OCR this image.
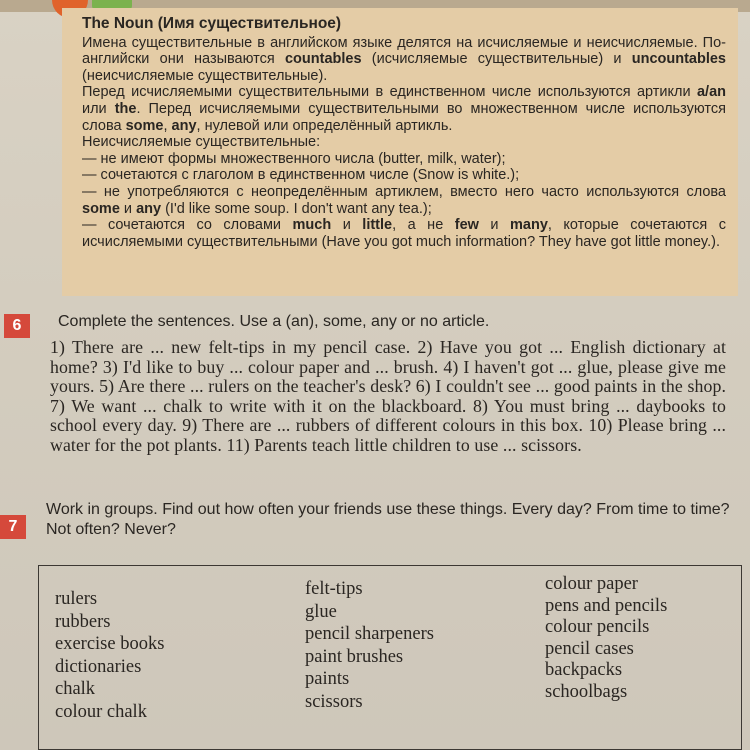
The Noun (Имя существительное)

Имена существительные в английском языке делятся на исчисляемые и неисчисляемые. По-английски они называются countables (исчисляемые существительные) и uncountables (неисчисляемые существительные).

Перед исчисляемыми существительными в единственном числе используются артикли a/an или the. Перед исчисляемыми существительными во множественном числе используются слова some, any, нулевой или определённый артикль.

Неисчисляемые существительные:

— не имеют формы множественного числа (butter, milk, water);
— сочетаются с глаголом в единственном числе (Snow is white.);
— не употребляются с неопределённым артиклем, вместо него часто используются слова some и any (I'd like some soup. I don't want any tea.);
— сочетаются со словами much и little, а не few и many, которые сочетаются с исчисляемыми существительными (Have you got much information? They have got little money.).
6	Complete the sentences. Use a (an), some, any or no article.
1) There are ... new felt-tips in my pencil case. 2) Have you got ... English dictionary at home? 3) I'd like to buy ... colour paper and ... brush. 4) I haven't got ... glue, please give me yours. 5) Are there ... rulers on the teacher's desk? 6) I couldn't see ... good paints in the shop. 7) We want ... chalk to write with it on the blackboard. 8) You must bring ... daybooks to school every day. 9) There are ... rubbers of different colours in this box. 10) Please bring ... water for the pot plants. 11) Parents teach little children to use ... scissors.
7
Work in groups. Find out how often your friends use these things. Every day? From time to time? Not often? Never?
rulers
rubbers
exercise books
dictionaries
chalk
colour chalk
felt-tips
glue
pencil sharpeners
paint brushes
paints
scissors
colour paper
pens and pencils
colour pencils
pencil cases
backpacks
schoolbags
